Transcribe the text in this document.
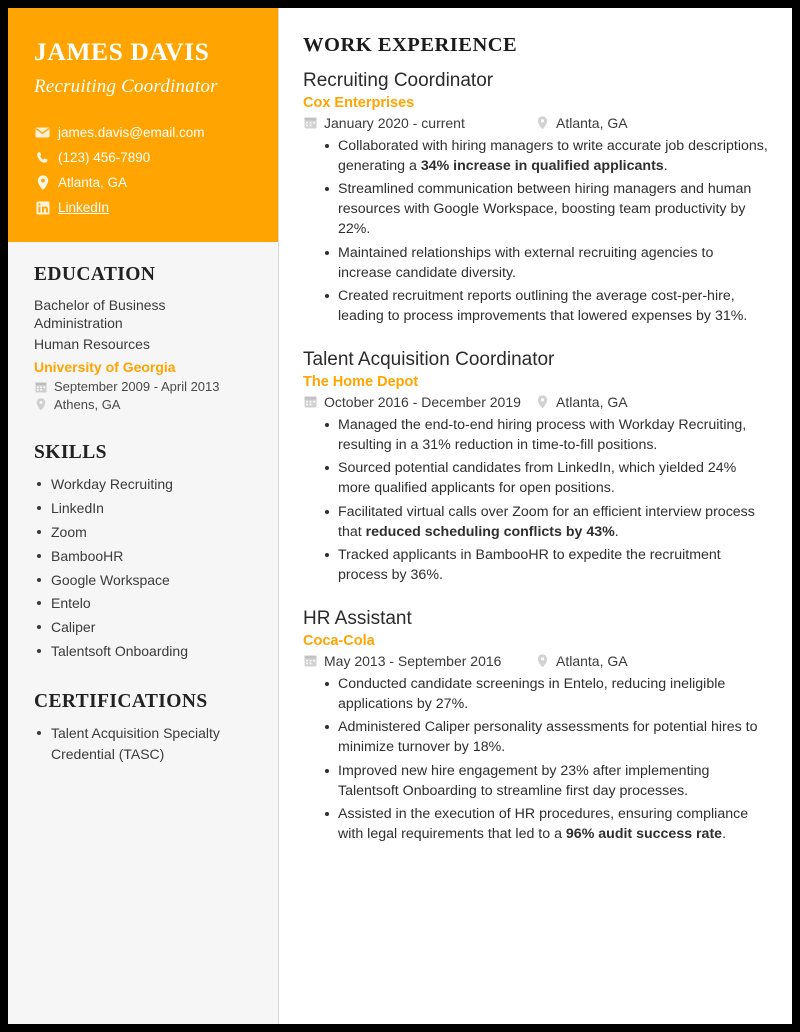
JAMES DAVIS
Recruiting Coordinator
james.davis@email.com
(123) 456-7890
Atlanta, GA
LinkedIn
EDUCATION
Bachelor of Business Administration
Human Resources
University of Georgia
September 2009 - April 2013
Athens, GA
SKILLS
Workday Recruiting
LinkedIn
Zoom
BambooHR
Google Workspace
Entelo
Caliper
Talentsoft Onboarding
CERTIFICATIONS
Talent Acquisition Specialty Credential (TASC)
WORK EXPERIENCE
Recruiting Coordinator
Cox Enterprises
January 2020 - current	Atlanta, GA
Collaborated with hiring managers to write accurate job descriptions, generating a 34% increase in qualified applicants.
Streamlined communication between hiring managers and human resources with Google Workspace, boosting team productivity by 22%.
Maintained relationships with external recruiting agencies to increase candidate diversity.
Created recruitment reports outlining the average cost-per-hire, leading to process improvements that lowered expenses by 31%.
Talent Acquisition Coordinator
The Home Depot
October 2016 - December 2019	Atlanta, GA
Managed the end-to-end hiring process with Workday Recruiting, resulting in a 31% reduction in time-to-fill positions.
Sourced potential candidates from LinkedIn, which yielded 24% more qualified applicants for open positions.
Facilitated virtual calls over Zoom for an efficient interview process that reduced scheduling conflicts by 43%.
Tracked applicants in BambooHR to expedite the recruitment process by 36%.
HR Assistant
Coca-Cola
May 2013 - September 2016	Atlanta, GA
Conducted candidate screenings in Entelo, reducing ineligible applications by 27%.
Administered Caliper personality assessments for potential hires to minimize turnover by 18%.
Improved new hire engagement by 23% after implementing Talentsoft Onboarding to streamline first day processes.
Assisted in the execution of HR procedures, ensuring compliance with legal requirements that led to a 96% audit success rate.
